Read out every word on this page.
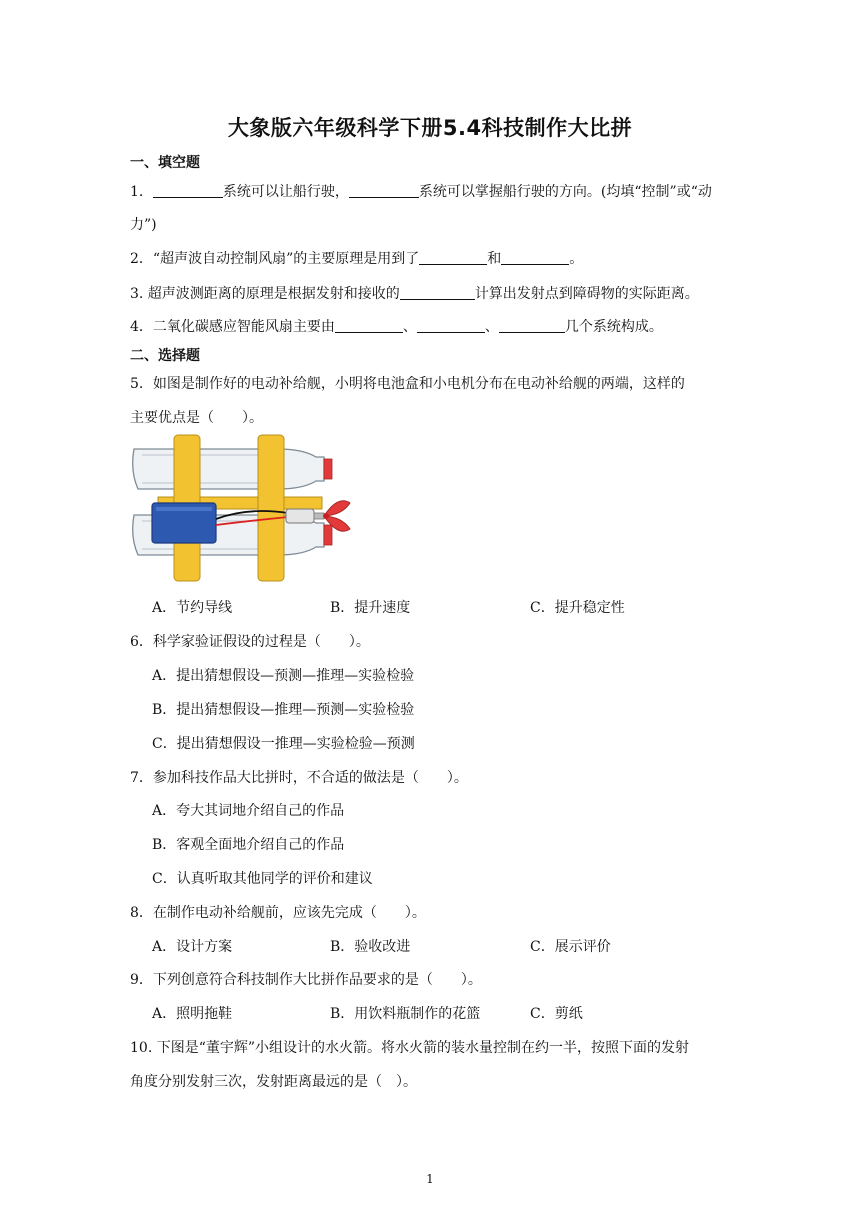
大象版六年级科学下册5.4科技制作大比拼
一、填空题
1．	系统可以让船行驶，	系统可以掌握船行驶的方向。(均填“控制”或“动
力”)
2．“超声波自动控制风扇”的主要原理是用到了	和	。
3. 超声波测距离的原理是根据发射和接收的	计算出发射点到障碍物的实际距离。
4．二氧化碳感应智能风扇主要由	、	、	几个系统构成。
二、选择题
5．如图是制作好的电动补给舰，小明将电池盒和小电机分布在电动补给舰的两端，这样的
主要优点是（　　）。
A．节约导线	B．提升速度	C．提升稳定性
6．科学家验证假设的过程是（　　）。
A．提出猜想假设—预测—推理—实验检验
B．提出猜想假设—推理—预测—实验检验
C．提出猜想假设一推理—实验检验—预测
7．参加科技作品大比拼时，不合适的做法是（　　）。
A．夸大其词地介绍自己的作品
B．客观全面地介绍自己的作品
C．认真听取其他同学的评价和建议
8．在制作电动补给舰前，应该先完成（　　）。
A．设计方案	B．验收改进	C．展示评价
9．下列创意符合科技制作大比拼作品要求的是（　　）。
A．照明拖鞋	B．用饮料瓶制作的花篮	C．剪纸
10. 下图是“董宇辉”小组设计的水火箭。将水火箭的装水量控制在约一半，按照下面的发射
角度分别发射三次，发射距离最远的是（　）。
1
